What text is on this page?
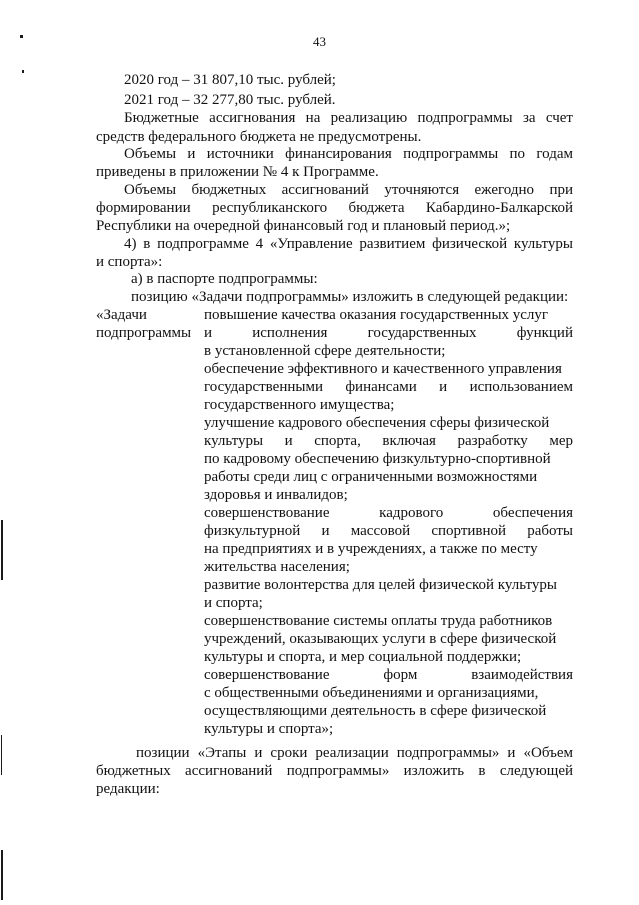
43
2020 год – 31 807,10 тыс. рублей;
2021 год – 32 277,80 тыс. рублей.
Бюджетные ассигнования на реализацию подпрограммы за счет
средств федерального бюджета не предусмотрены.
Объемы и источники финансирования подпрограммы по годам
приведены в приложении № 4 к Программе.
Объемы бюджетных ассигнований уточняются ежегодно при
формировании республиканского бюджета Кабардино-Балкарской
Республики на очередной финансовый год и плановый период.»;
4) в подпрограмме 4 «Управление развитием физической культуры
и спорта»:
а) в паспорте подпрограммы:
позицию «Задачи подпрограммы» изложить в следующей редакции:
«Задачи
подпрограммы
повышение качества оказания государственных услуг
и исполнения государственных функций
в установленной сфере деятельности;
обеспечение эффективного и качественного управления
государственными финансами и использованием
государственного имущества;
улучшение кадрового обеспечения сферы физической
культуры и спорта, включая разработку мер
по кадровому обеспечению физкультурно-спортивной
работы среди лиц с ограниченными возможностями
здоровья и инвалидов;
совершенствование кадрового обеспечения
физкультурной и массовой спортивной работы
на предприятиях и в учреждениях, а также по месту
жительства населения;
развитие волонтерства для целей физической культуры
и спорта;
совершенствование системы оплаты труда работников
учреждений, оказывающих услуги в сфере физической
культуры и спорта, и мер социальной поддержки;
совершенствование форм взаимодействия
с общественными объединениями и организациями,
осуществляющими деятельность в сфере физической
культуры и спорта»;
позиции «Этапы и сроки реализации подпрограммы» и «Объем
бюджетных ассигнований подпрограммы» изложить в следующей
редакции:
